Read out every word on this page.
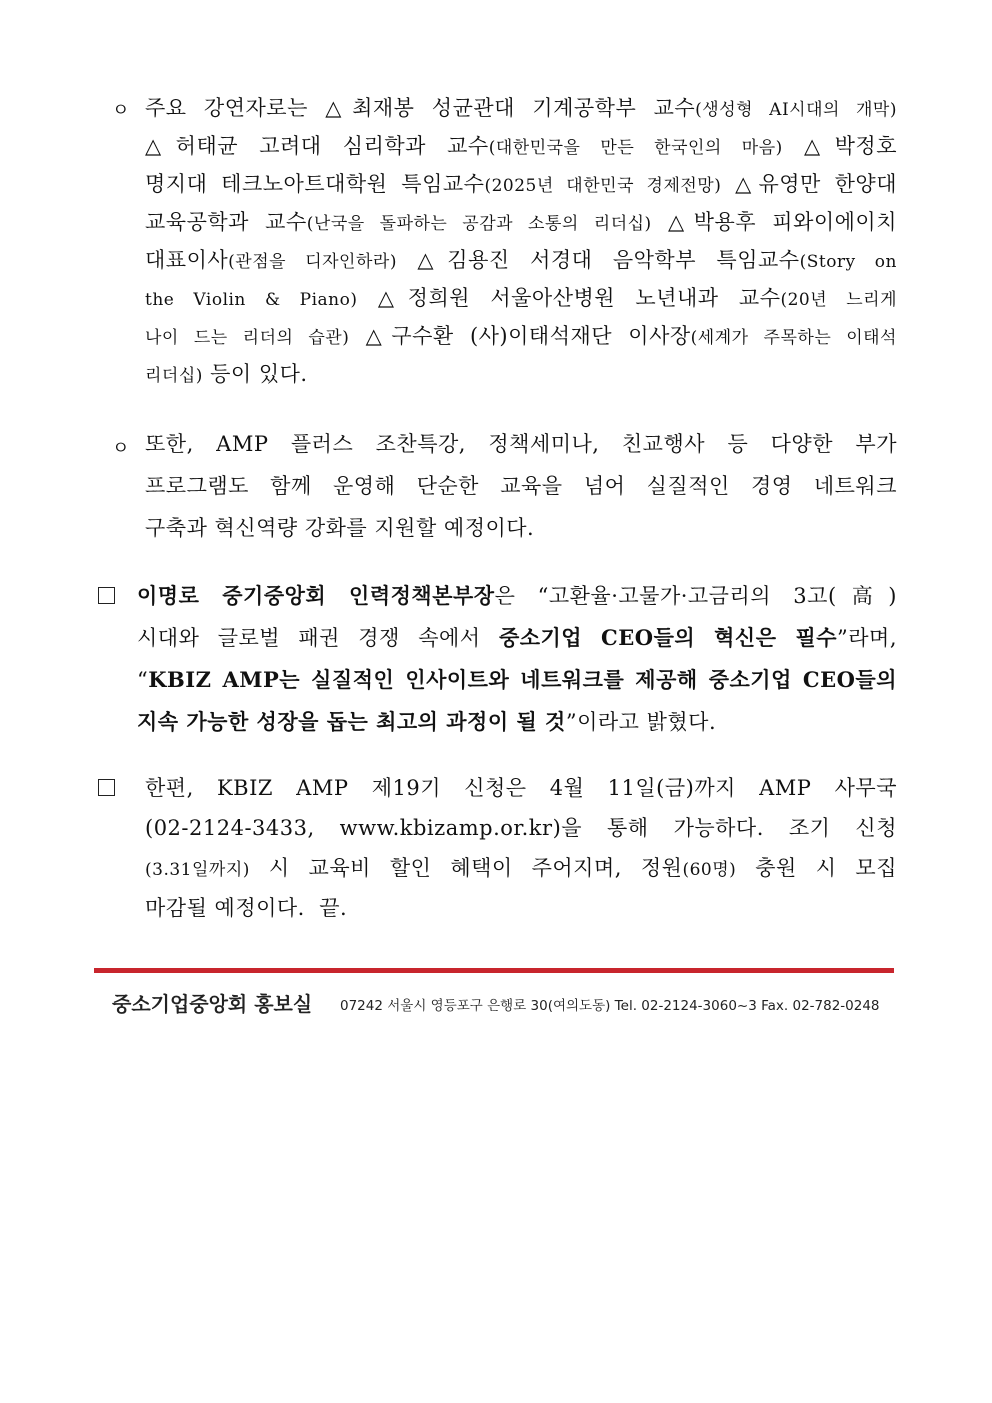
ㅇ 주요 강연자로는 △최재봉 성균관대 기계공학부 교수(생성형 AI시대의 개막)
△허태균 고려대 심리학과 교수(대한민국을 만든 한국인의 마음) △박정호
명지대 테크노아트대학원 특임교수(2025년 대한민국 경제전망) △유영만 한양대
교육공학과 교수(난국을 돌파하는 공감과 소통의 리더십) △박용후 피와이에이치
대표이사(관점을 디자인하라) △김용진 서경대 음악학부 특임교수(Story on
the Violin & Piano) △정희원 서울아산병원 노년내과 교수(20년 느리게
나이 드는 리더의 습관) △구수환 (사)이태석재단 이사장(세계가 주목하는 이태석
리더십) 등이 있다.
ㅇ 또한, AMP 플러스 조찬특강, 정책세미나, 친교행사 등 다양한 부가
프로그램도 함께 운영해 단순한 교육을 넘어 실질적인 경영 네트워크
구축과 혁신역량 강화를 지원할 예정이다.
이명로 중기중앙회 인력정책본부장은 “고환율·고물가·고금리의 3고(高)
시대와 글로벌 패권 경쟁 속에서 중소기업 CEO들의 혁신은 필수”라며,
“KBIZ AMP는 실질적인 인사이트와 네트워크를 제공해 중소기업 CEO들의
지속 가능한 성장을 돕는 최고의 과정이 될 것”이라고 밝혔다.
한편, KBIZ AMP 제19기 신청은 4월 11일(금)까지 AMP 사무국
(02-2124-3433, www.kbizamp.or.kr)을 통해 가능하다. 조기 신청
(3.31일까지) 시 교육비 할인 혜택이 주어지며, 정원(60명) 충원 시 모집
마감될 예정이다.  끝.
중소기업중앙회 홍보실 07242 서울시 영등포구 은행로 30(여의도동) Tel. 02-2124-3060~3 Fax. 02-782-0248
